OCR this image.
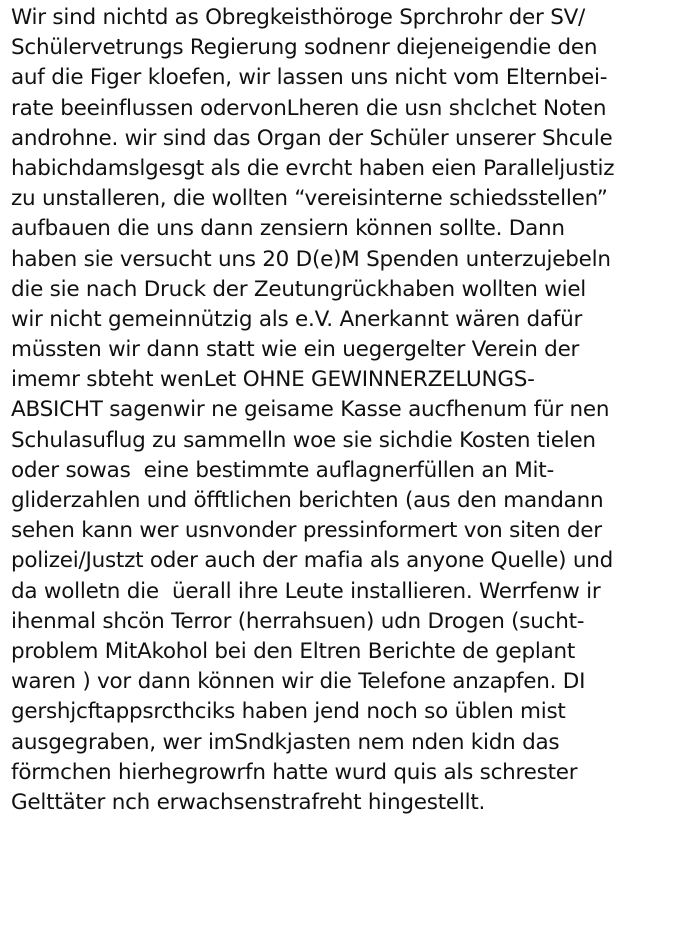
Wir sind nichtd as Obregkeisthöroge Sprchrohr der SV/
Schülervetrungs Regierung sodnenr diejeneigendie den
auf die Figer kloefen, wir lassen uns nicht vom Elternbei-
rate beeinflussen odervonLheren die usn shclchet Noten
androhne. wir sind das Organ der Schüler unserer Shcule
habichdamslgesgt als die evrcht haben eien Paralleljustiz
zu unstalleren, die wollten “vereisinterne schiedsstellen”
aufbauen die uns dann zensiern können sollte. Dann
haben sie versucht uns 20 D(e)M Spenden unterzujebeln
die sie nach Druck der Zeutungrückhaben wollten wiel
wir nicht gemeinnützig als e.V. Anerkannt wären dafür
müssten wir dann statt wie ein uegergelter Verein der
imemr sbteht wenLet OHNE GEWINNERZELUNGS-
ABSICHT sagenwir ne geisame Kasse aucfhenum für nen
Schulasuflug zu sammelln woe sie sichdie Kosten tielen
oder sowas  eine bestimmte auflagnerfüllen an Mit-
gliderzahlen und öfftlichen berichten (aus den mandann
sehen kann wer usnvonder pressinformert von siten der
polizei/Justzt oder auch der mafia als anyone Quelle) und
da wolletn die  üerall ihre Leute installieren. Werrfenw ir
ihenmal shcön Terror (herrahsuen) udn Drogen (sucht-
problem MitAkohol bei den Eltren Berichte de geplant
waren ) vor dann können wir die Telefone anzapfen. DI
gershjcftappsrcthciks haben jend noch so üblen mist
ausgegraben, wer imSndkjasten nem nden kidn das
förmchen hierhegrowrfn hatte wurd quis als schrester
Gelttäter nch erwachsenstrafreht hingestellt.
